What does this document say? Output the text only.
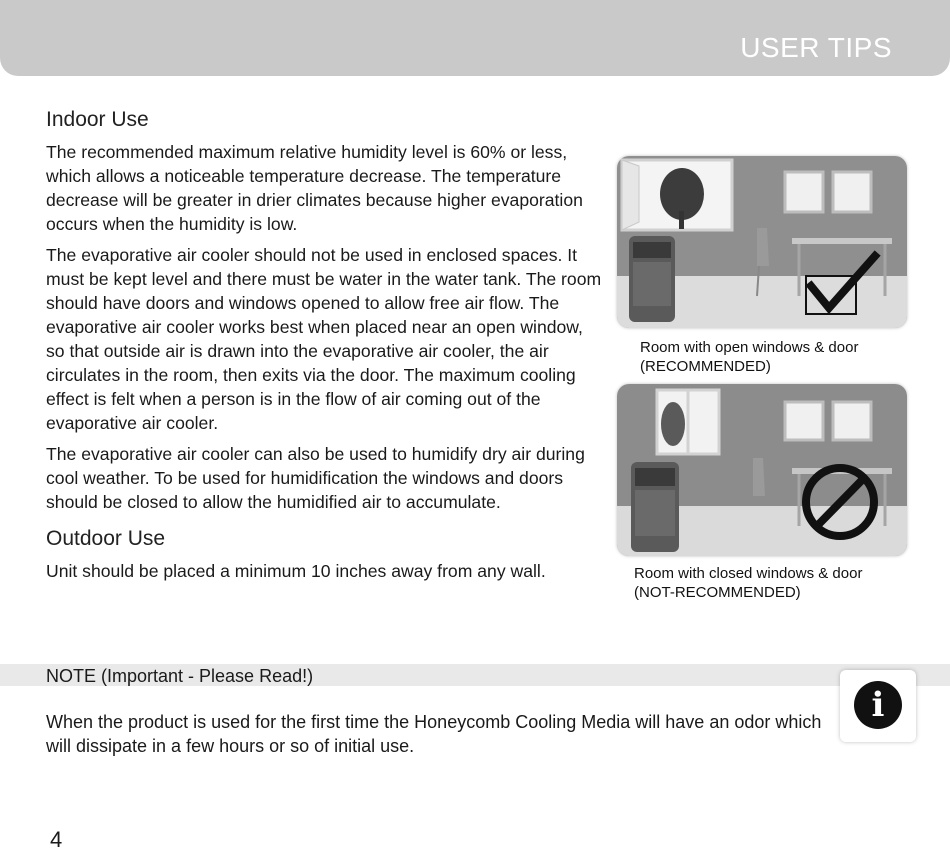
USER TIPS
Indoor Use

The recommended maximum relative humidity level is 60% or less, which allows a noticeable temperature decrease. The temperature decrease will be greater in drier climates because higher evaporation occurs when the humidity is low.

The evaporative air cooler should not be used in enclosed spaces. It must be kept level and there must be water in the water tank. The room should have doors and windows opened to allow free air flow. The evaporative air cooler works best when placed near an open window, so that outside air is drawn into the evaporative air cooler, the air circulates in the room, then exits via the door. The maximum cooling effect is felt when a person is in the flow of air coming out of the evaporative air cooler.

The evaporative air cooler can also be used to humidify dry air during cool weather. To be used for humidification the windows and doors should be closed to allow the humidified air to accumulate.

Outdoor Use

Unit should be placed a minimum 10 inches away from any wall.

Room with open windows & door
(RECOMMENDED)
Room with closed windows & door
(NOT-RECOMMENDED)
NOTE (Important - Please Read!)
When the product is used for the first time the Honeycomb Cooling Media will have an odor which will dissipate in a few hours or so of initial use.
i
4
